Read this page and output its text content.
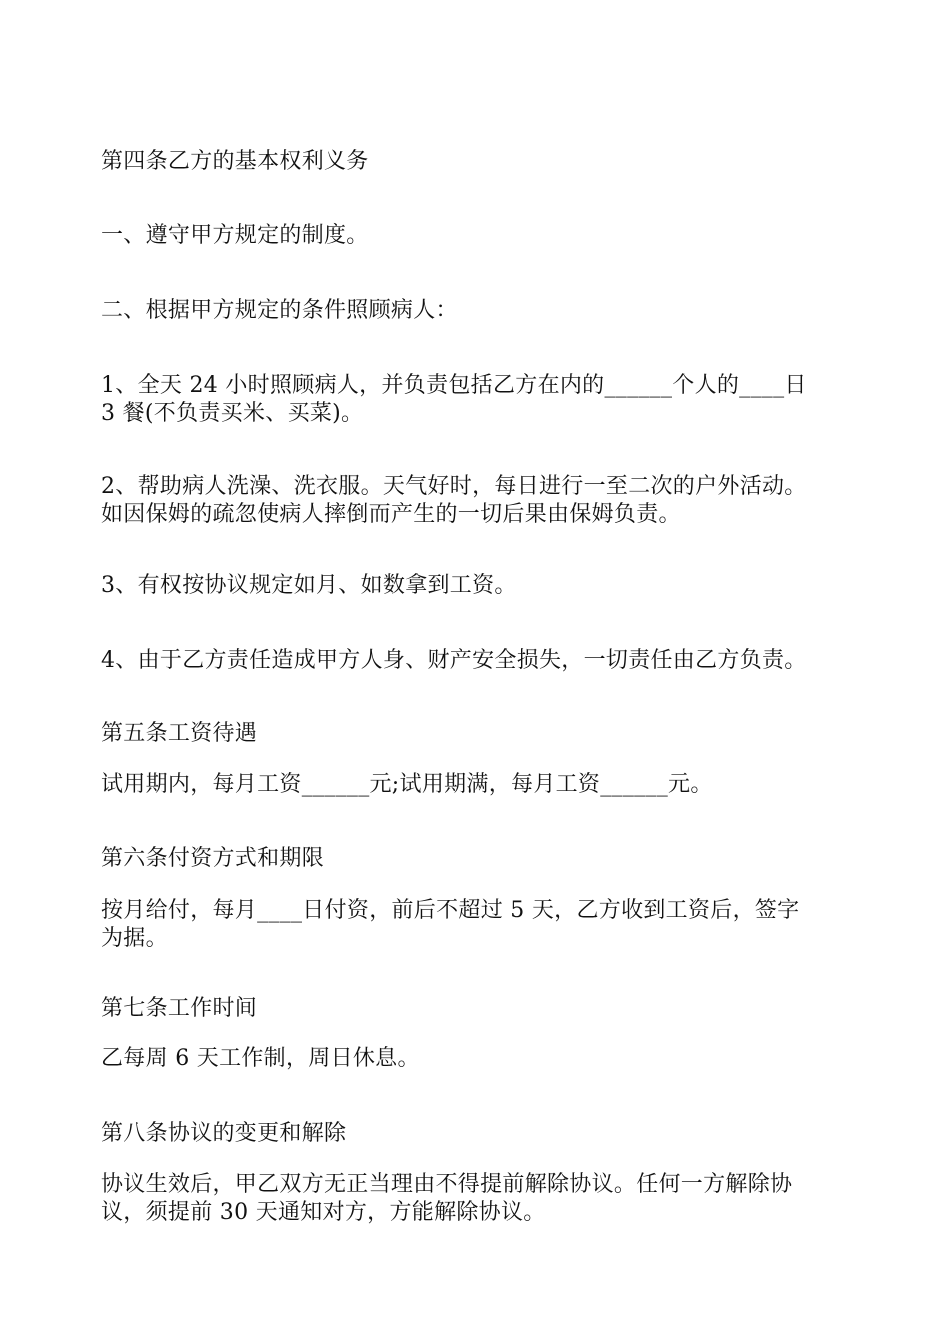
第四条乙方的基本权利义务
一、遵守甲方规定的制度。
二、根据甲方规定的条件照顾病人：
1、全天 24 小时照顾病人，并负责包括乙方在内的______个人的____日
3 餐(不负责买米、买菜)。
2、帮助病人洗澡、洗衣服。天气好时，每日进行一至二次的户外活动。
如因保姆的疏忽使病人摔倒而产生的一切后果由保姆负责。
3、有权按协议规定如月、如数拿到工资。
4、由于乙方责任造成甲方人身、财产安全损失，一切责任由乙方负责。
第五条工资待遇
试用期内，每月工资______元;试用期满，每月工资______元。
第六条付资方式和期限
按月给付，每月____日付资，前后不超过 5 天，乙方收到工资后，签字
为据。
第七条工作时间
乙每周 6 天工作制，周日休息。
第八条协议的变更和解除
协议生效后，甲乙双方无正当理由不得提前解除协议。任何一方解除协
议，须提前 30 天通知对方，方能解除协议。
